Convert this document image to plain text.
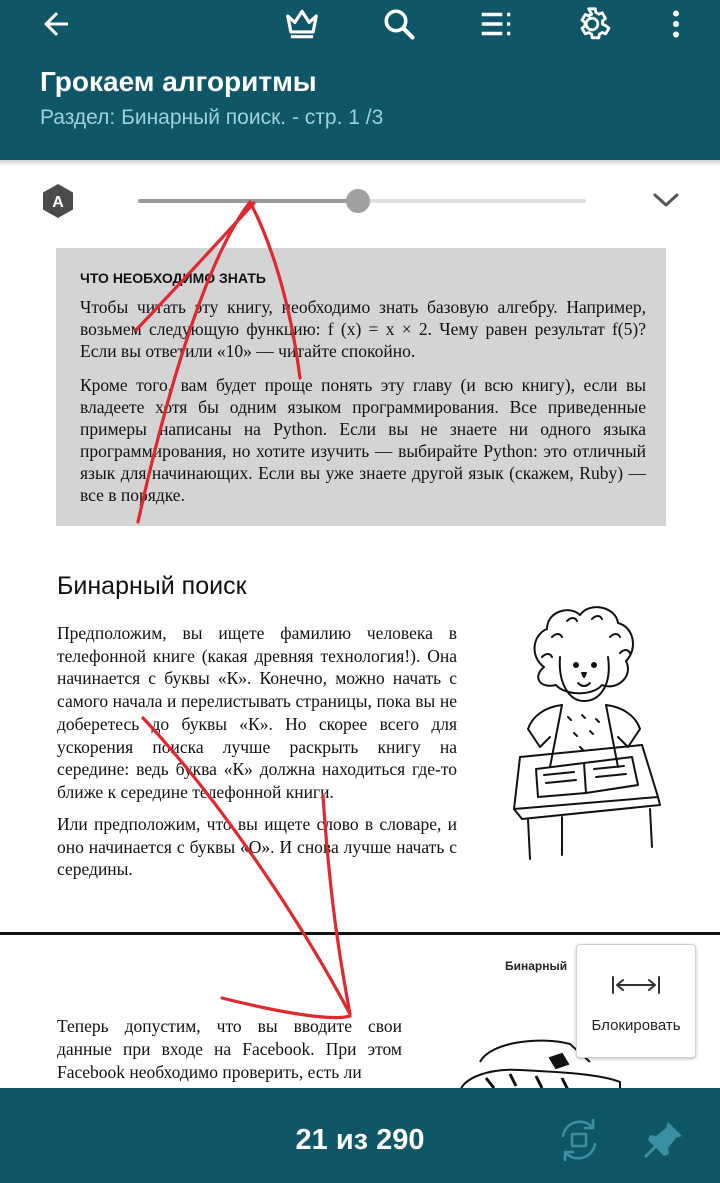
Грокаем алгоритмы
Раздел: Бинарный поиск. - стр. 1 /3
A
ЧТО НЕОБХОДИМО ЗНАТЬ
Чтобы читать эту книгу, необходимо знать базовую алгебру. Например, возьмем следующую функцию: f (x) = x × 2. Чему равен результат f(5)? Если вы ответили «10» — читайте спокойно.
Кроме того, вам будет проще понять эту главу (и всю книгу), если вы владеете хотя бы одним языком программирования. Все приведенные примеры написаны на Python. Если вы не знаете ни одного языка программирования, но хотите изучить — выбирайте Python: это отличный язык для начинающих. Если вы уже знаете другой язык (скажем, Ruby) — все в порядке.
Бинарный поиск
Предположим, вы ищете фамилию человека в телефонной книге (какая древняя технология!). Она начинается с буквы «К». Конечно, можно начать с самого начала и перелистывать страницы, пока вы не доберетесь до буквы «К». Но скорее всего для ускорения поиска лучше раскрыть книгу на середине: ведь буква «К» должна находиться где-то ближе к середине телефонной книги.
Или предположим, что вы ищете слово в словаре, и оно начинается с буквы «О». И снова лучше начать с середины.
Бинарный
Теперь допустим, что вы вводите свои данные при входе на Facebook. При этом Facebook необходимо проверить, есть ли
Блокировать
21 из 290
